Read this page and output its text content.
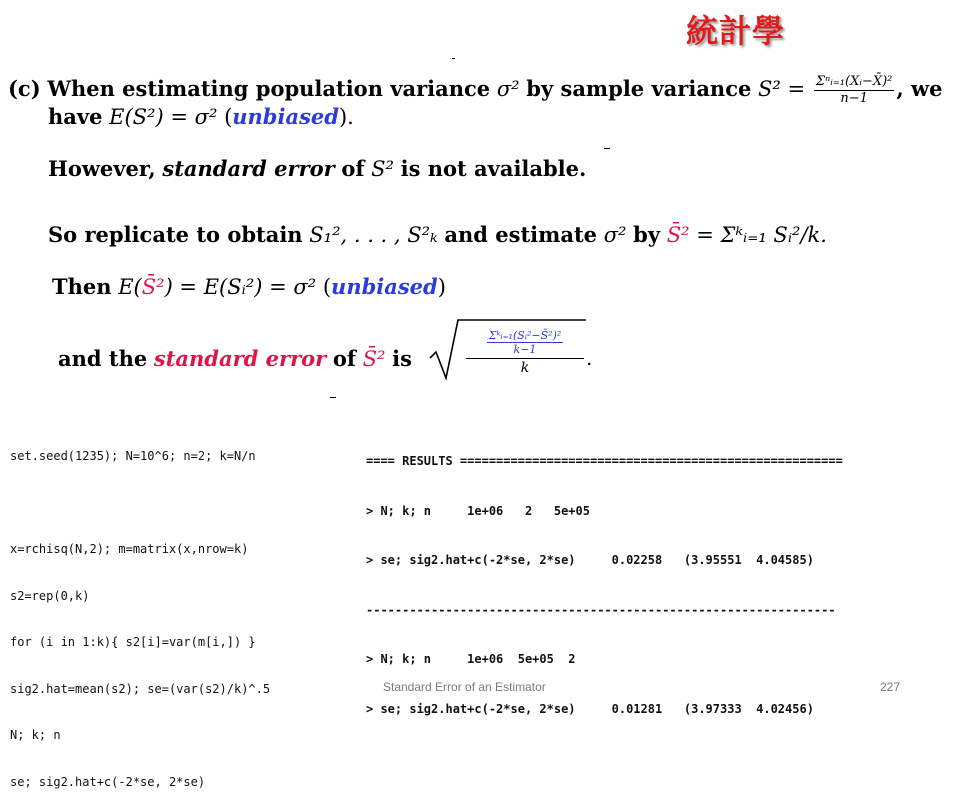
統計學
(c) When estimating population variance σ² by sample variance $S^2 = \frac{\text{Σⁿᵢ₌₁(Xᵢ−X̄)²}}{n-1}$ , we
have E(S²) = σ² (unbiased).
However, standard error of S² is not available.
So replicate to obtain S₁², . . . , S²ₖ and estimate σ² by S̄² = Σᵏᵢ₌₁ Sᵢ²/k.
Then E(S̄²) = E(Sᵢ²) = σ² (unbiased)
and the standard error of S̄² is
Σᵏᵢ₌₁(Sᵢ²−S̄²)²
k−1
k	.

set.seed(1235); N=10^6; n=2; k=N/n

x=rchisq(N,2); m=matrix(x,nrow=k)

s2=rep(0,k)

for (i in 1:k){ s2[i]=var(m[i,]) }

sig2.hat=mean(s2); se=(var(s2)/k)^.5

N; k; n

se; sig2.hat+c(-2*se, 2*se)

==== RESULTS =====================================================

> N; k; n     1e+06   2   5e+05

> se; sig2.hat+c(-2*se, 2*se)     0.02258   (3.95551  4.04585)

-----------------------------------------------------------------

> N; k; n     1e+06  5e+05  2

> se; sig2.hat+c(-2*se, 2*se)     0.01281   (3.97333  4.02456)

Standard Error of an Estimator	227
